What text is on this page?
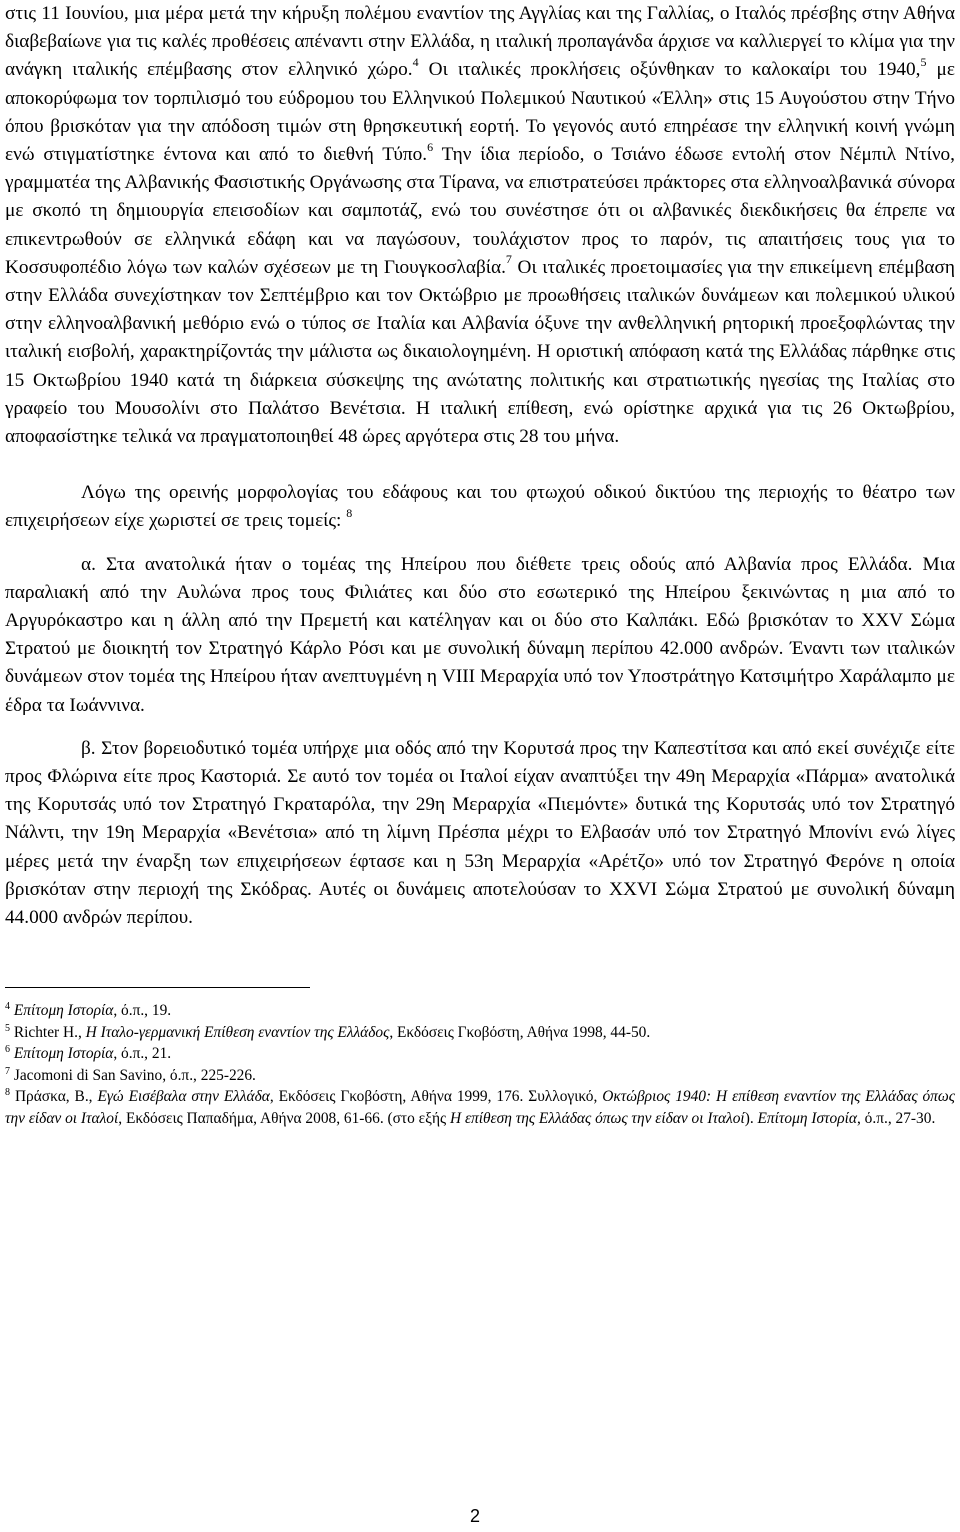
στις 11 Ιουνίου, μια μέρα μετά την κήρυξη πολέμου εναντίον της Αγγλίας και της Γαλλίας, ο Ιταλός πρέσβης στην Αθήνα διαβεβαίωνε για τις καλές προθέσεις απέναντι στην Ελλάδα, η ιταλική προπαγάνδα άρχισε να καλλιεργεί το κλίμα για την ανάγκη ιταλικής επέμβασης στον ελληνικό χώρο.$^4$ Οι ιταλικές προκλήσεις οξύνθηκαν το καλοκαίρι του 1940,$^5$ με αποκορύφωμα τον τορπιλισμό του εύδρομου του Ελληνικού Πολεμικού Ναυτικού «Έλλη» στις 15 Αυγούστου στην Τήνο όπου βρισκόταν για την απόδοση τιμών στη θρησκευτική εορτή. Το γεγονός αυτό επηρέασε την ελληνική κοινή γνώμη ενώ στιγματίστηκε έντονα και από το διεθνή Τύπο.$^6$ Την ίδια περίοδο, ο Τσιάνο έδωσε εντολή στον Νέμπιλ Ντίνο, γραμματέα της Αλβανικής Φασιστικής Οργάνωσης στα Τίρανα, να επιστρατεύσει πράκτορες στα ελληνοαλβανικά σύνορα με σκοπό τη δημιουργία επεισοδίων και σαμποτάζ, ενώ του συνέστησε ότι οι αλβανικές διεκδικήσεις θα έπρεπε να επικεντρωθούν σε ελληνικά εδάφη και να παγώσουν, τουλάχιστον προς το παρόν, τις απαιτήσεις τους για το Κοσσυφοπέδιο λόγω των καλών σχέσεων με τη Γιουγκοσλαβία.$^7$ Οι ιταλικές προετοιμασίες για την επικείμενη επέμβαση στην Ελλάδα συνεχίστηκαν τον Σεπτέμβριο και τον Οκτώβριο με προωθήσεις ιταλικών δυνάμεων και πολεμικού υλικού στην ελληνοαλβανική μεθόριο ενώ ο τύπος σε Ιταλία και Αλβανία όξυνε την ανθελληνική ρητορική προεξοφλώντας την ιταλική εισβολή, χαρακτηρίζοντάς την μάλιστα ως δικαιολογημένη. Η οριστική απόφαση κατά της Ελλάδας πάρθηκε στις 15 Οκτωβρίου 1940 κατά τη διάρκεια σύσκεψης της ανώτατης πολιτικής και στρατιωτικής ηγεσίας της Ιταλίας στο γραφείο του Μουσολίνι στο Παλάτσο Βενέτσια. Η ιταλική επίθεση, ενώ ορίστηκε αρχικά για τις 26 Οκτωβρίου, αποφασίστηκε τελικά να πραγματοποιηθεί 48 ώρες αργότερα στις 28 του μήνα.

Λόγω της ορεινής μορφολογίας του εδάφους και του φτωχού οδικού δικτύου της περιοχής το θέατρο των επιχειρήσεων είχε χωριστεί σε τρεις τομείς: $^8$

α. Στα ανατολικά ήταν ο τομέας της Ηπείρου που διέθετε τρεις οδούς από Αλβανία προς Ελλάδα. Μια παραλιακή από την Αυλώνα προς τους Φιλιάτες και δύο στο εσωτερικό της Ηπείρου ξεκινώντας η μια από το Αργυρόκαστρο και η άλλη από την Πρεμετή και κατέληγαν και οι δύο στο Καλπάκι. Εδώ βρισκόταν το XXV Σώμα Στρατού με διοικητή τον Στρατηγό Κάρλο Ρόσι και με συνολική δύναμη περίπου 42.000 ανδρών. Έναντι των ιταλικών δυνάμεων στον τομέα της Ηπείρου ήταν ανεπτυγμένη η VIII Μεραρχία υπό τον Υποστράτηγο Κατσιμήτρο Χαράλαμπο με έδρα τα Ιωάννινα.

β. Στον βορειοδυτικό τομέα υπήρχε μια οδός από την Κορυτσά προς την Καπεστίτσα και από εκεί συνέχιζε είτε προς Φλώρινα είτε προς Καστοριά. Σε αυτό τον τομέα οι Ιταλοί είχαν αναπτύξει την 49η Μεραρχία «Πάρμα» ανατολικά της Κορυτσάς υπό τον Στρατηγό Γκραταρόλα, την 29η Μεραρχία «Πιεμόντε» δυτικά της Κορυτσάς υπό τον Στρατηγό Νάλντι, την 19η Μεραρχία «Βενέτσια» από τη λίμνη Πρέσπα μέχρι το Ελβασάν υπό τον Στρατηγό Μπονίνι ενώ λίγες μέρες μετά την έναρξη των επιχειρήσεων έφτασε και η 53η Μεραρχία «Αρέτζο» υπό τον Στρατηγό Φερόνε η οποία βρισκόταν στην περιοχή της Σκόδρας. Αυτές οι δυνάμεις αποτελούσαν το XXVI Σώμα Στρατού με συνολική δύναμη 44.000 ανδρών περίπου.

$^4$ Επίτομη Ιστορία, ό.π., 19.

$^5$ Richter H., Η Ιταλο-γερμανική Επίθεση εναντίον της Ελλάδος, Εκδόσεις Γκοβόστη, Αθήνα 1998, 44-50.

$^6$ Επίτομη Ιστορία, ό.π., 21.

$^7$ Jacomoni di San Savino, ό.π., 225-226.

$^8$ Πράσκα, Β., Εγώ Εισέβαλα στην Ελλάδα, Εκδόσεις Γκοβόστη, Αθήνα 1999, 176. Συλλογικό, Οκτώβριος 1940: Η επίθεση εναντίον της Ελλάδας όπως την είδαν οι Ιταλοί, Εκδόσεις Παπαδήμα, Αθήνα 2008, 61-66. (στο εξής Η επίθεση της Ελλάδας όπως την είδαν οι Ιταλοί). Επίτομη Ιστορία, ό.π., 27-30.

2
